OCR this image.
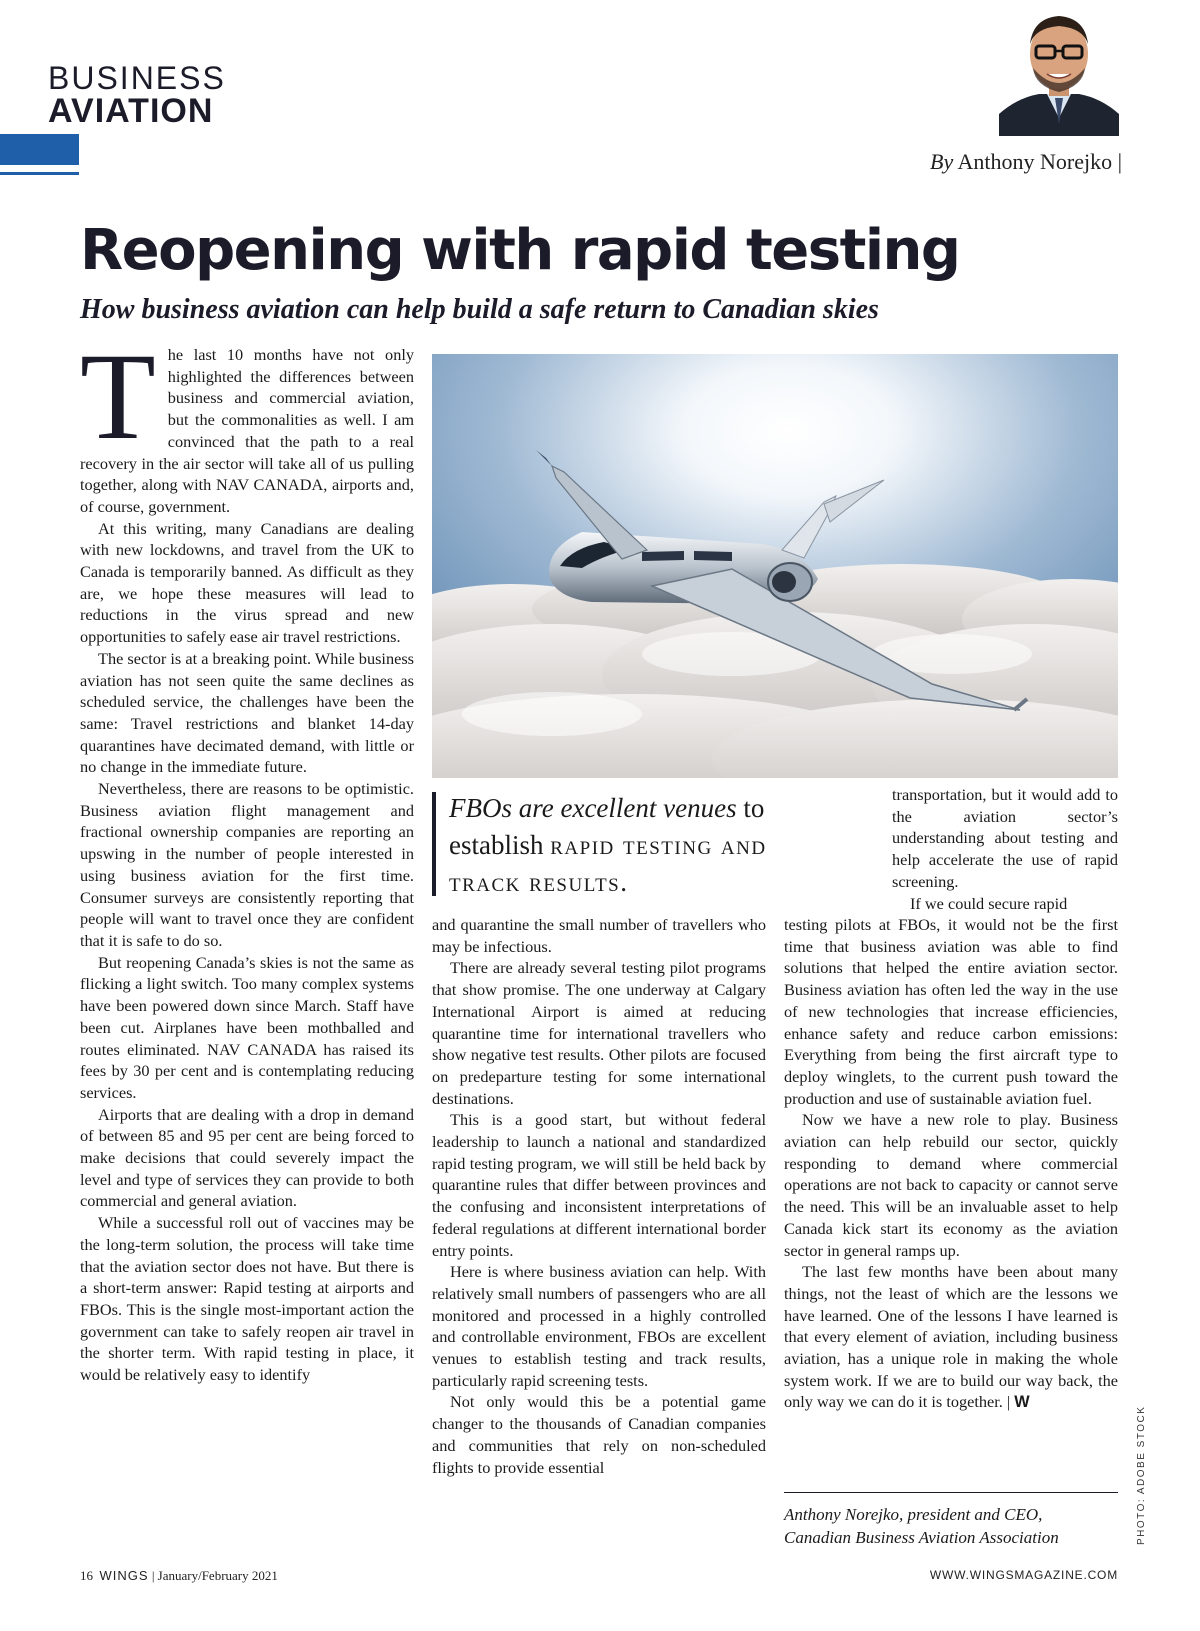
BUSINESS
AVIATION
By Anthony Norejko |
Reopening with rapid testing
How business aviation can help build a safe return to Canadian skies

The last 10 months have not only highlighted the differences between business and commercial aviation, but the commonalities as well. I am convinced that the path to a real recovery in the air sector will take all of us pulling together, along with NAV CANADA, airports and, of course, government.

At this writing, many Canadians are dealing with new lockdowns, and travel from the UK to Canada is temporarily banned. As difficult as they are, we hope these measures will lead to reductions in the virus spread and new opportunities to safely ease air travel restrictions.

The sector is at a breaking point. While business aviation has not seen quite the same declines as scheduled service, the challenges have been the same: Travel restrictions and blanket 14-day quarantines have decimated demand, with little or no change in the immediate future.

Nevertheless, there are reasons to be optimistic. Business aviation flight management and fractional ownership companies are reporting an upswing in the number of people interested in using business aviation for the first time. Consumer surveys are consistently reporting that people will want to travel once they are confident that it is safe to do so.

But reopening Canada’s skies is not the same as flicking a light switch. Too many complex systems have been powered down since March. Staff have been cut. Airplanes have been mothballed and routes eliminated. NAV CANADA has raised its fees by 30 per cent and is contemplating reducing services.

Airports that are dealing with a drop in demand of between 85 and 95 per cent are being forced to make decisions that could severely impact the level and type of services they can provide to both commercial and general aviation.

While a successful roll out of vaccines may be the long-term solution, the process will take time that the aviation sector does not have. But there is a short-term answer: Rapid testing at airports and FBOs. This is the single most-important action the government can take to safely reopen air travel in the shorter term. With rapid testing in place, it would be relatively easy to identify

FBOs are excellent venues to
establish rapid testing and
track results.

and quarantine the small number of travellers who may be infectious.

There are already several testing pilot programs that show promise. The one underway at Calgary International Airport is aimed at reducing quarantine time for international travellers who show negative test results. Other pilots are focused on predeparture testing for some international destinations.

This is a good start, but without federal leadership to launch a national and standardized rapid testing program, we will still be held back by quarantine rules that differ between provinces and the confusing and inconsistent interpretations of federal regulations at different international border entry points.

Here is where business aviation can help. With relatively small numbers of passengers who are all monitored and processed in a highly controlled and controllable environment, FBOs are excellent venues to establish testing and track results, particularly rapid screening tests.

Not only would this be a potential game changer to the thousands of Canadian companies and communities that rely on non-scheduled flights to provide essential

transportation, but it would add to the aviation sector’s understanding about testing and help accelerate the use of rapid screening.

If we could secure rapid

testing pilots at FBOs, it would not be the first time that business aviation was able to find solutions that helped the entire aviation sector. Business aviation has often led the way in the use of new technologies that increase efficiencies, enhance safety and reduce carbon emissions: Everything from being the first aircraft type to deploy winglets, to the current push toward the production and use of sustainable aviation fuel.

Now we have a new role to play. Business aviation can help rebuild our sector, quickly responding to demand where commercial operations are not back to capacity or cannot serve the need. This will be an invaluable asset to help Canada kick start its economy as the aviation sector in general ramps up.

The last few months have been about many things, not the least of which are the lessons we have learned. One of the lessons I have learned is that every element of aviation, including business aviation, has a unique role in making the whole system work. If we are to build our way back, the only way we can do it is together. | W

Anthony Norejko, president and CEO,
Canadian Business Aviation Association	PHOTO: ADOBE STOCK
16 WINGS | January/February 2021	WWW.WINGSMAGAZINE.COM
